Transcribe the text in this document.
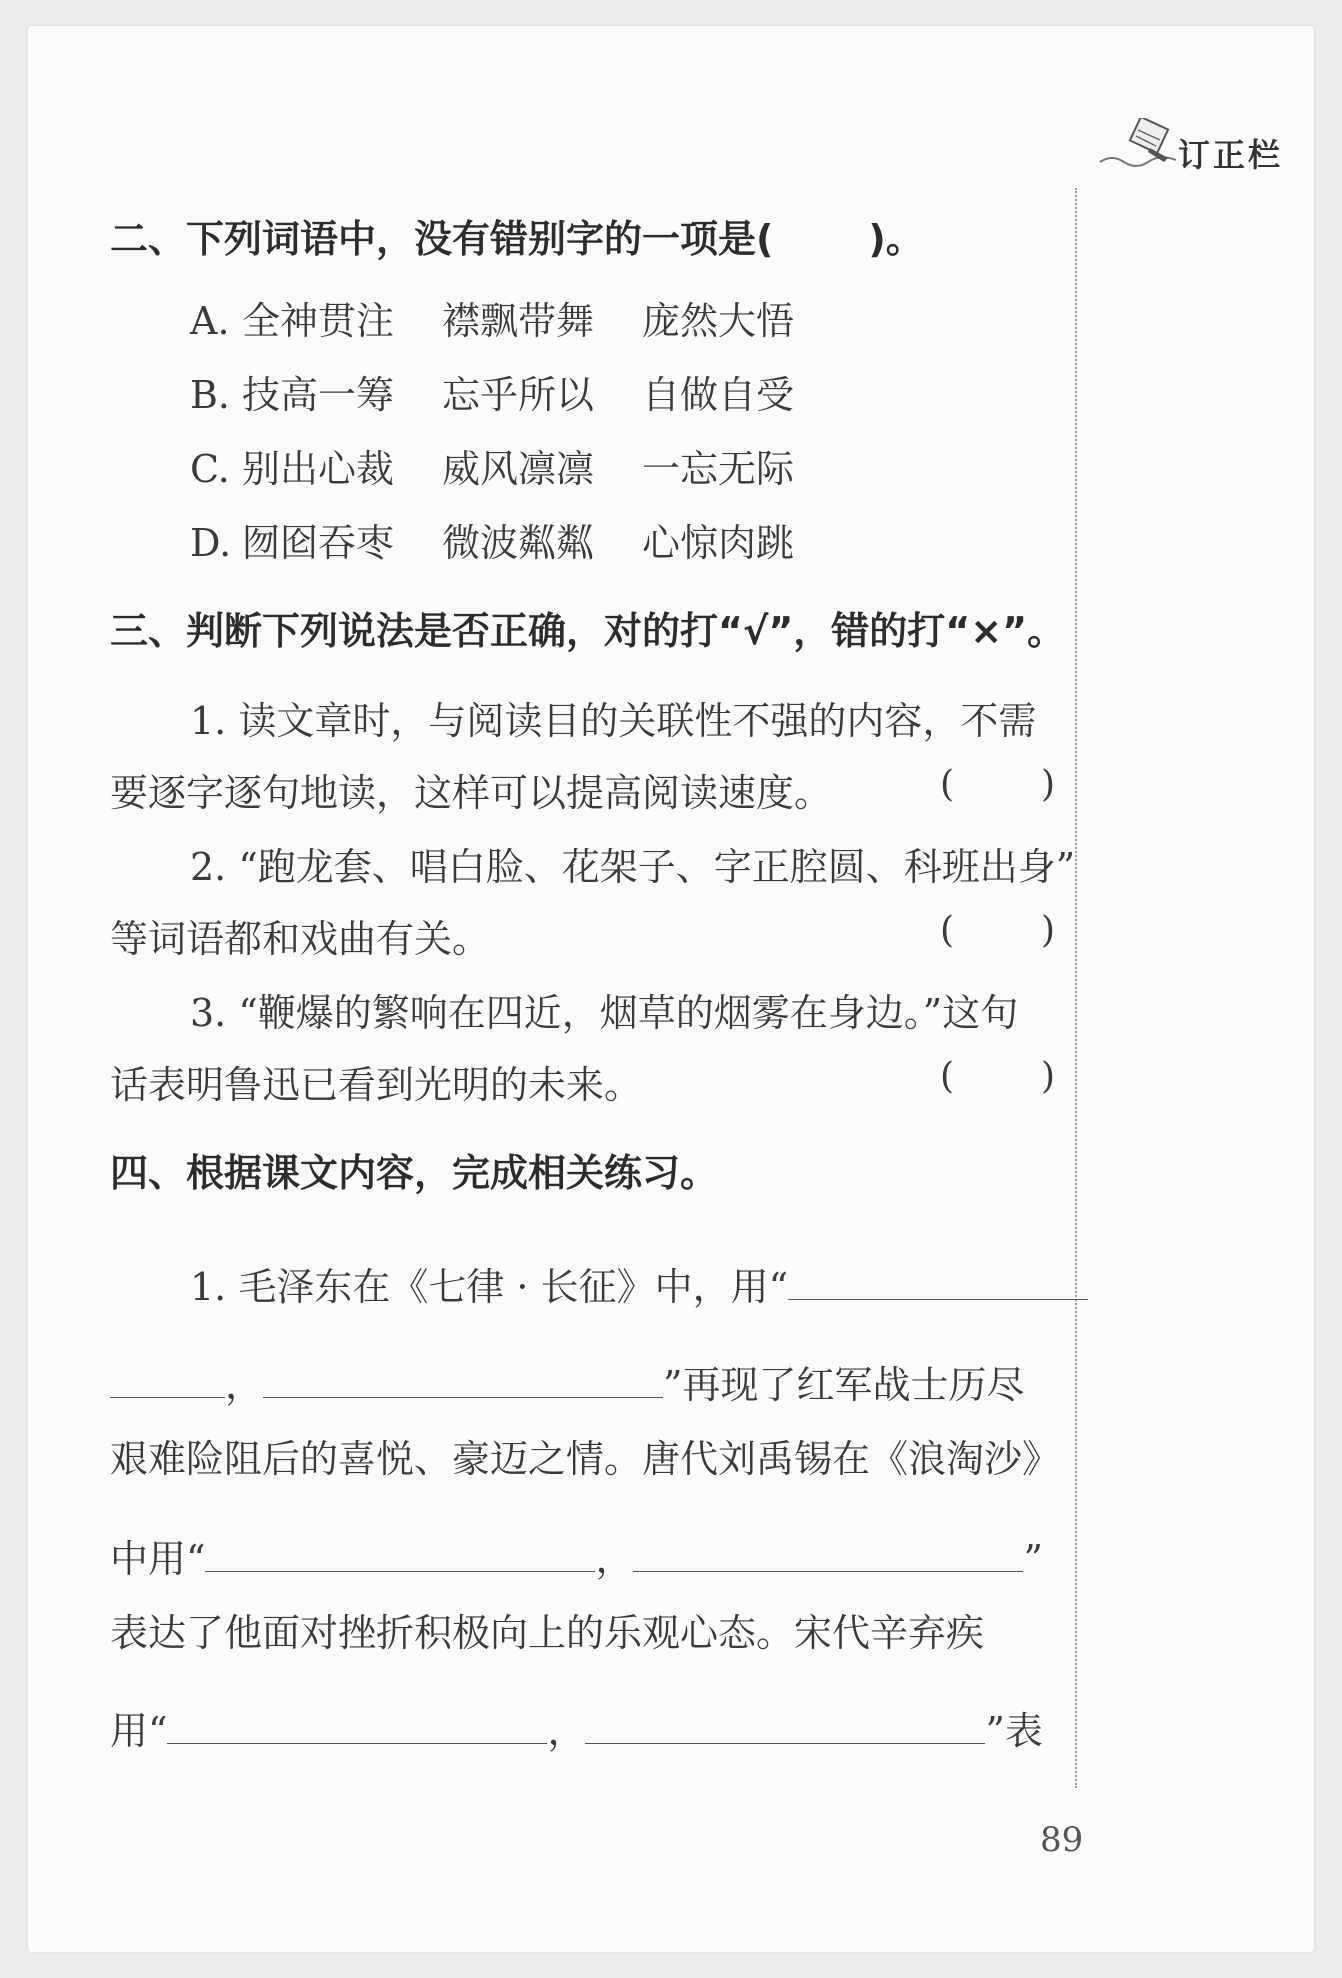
订正栏
二、下列词语中，没有错别字的一项是(	)。
A. 全神贯注 襟飘带舞 庞然大悟
B. 技高一筹 忘乎所以 自做自受
C. 别出心裁 威风凛凛 一忘无际
D. 囫囵吞枣 微波粼粼 心惊肉跳
三、判断下列说法是否正确，对的打“√”，错的打“×”。
1. 读文章时，与阅读目的关联性不强的内容，不需
要逐字逐句地读，这样可以提高阅读速度。	( )
2. “跑龙套、唱白脸、花架子、字正腔圆、科班出身”
等词语都和戏曲有关。	( )
3. “鞭爆的繁响在四近，烟草的烟雾在身边。”这句
话表明鲁迅已看到光明的未来。	( )
四、根据课文内容，完成相关练习。
1. 毛泽东在《七律 · 长征》中，用“
，	”再现了红军战士历尽
艰难险阻后的喜悦、豪迈之情。唐代刘禹锡在《浪淘沙》
中用“	，	”
表达了他面对挫折积极向上的乐观心态。宋代辛弃疾
用“	，	”表
89
